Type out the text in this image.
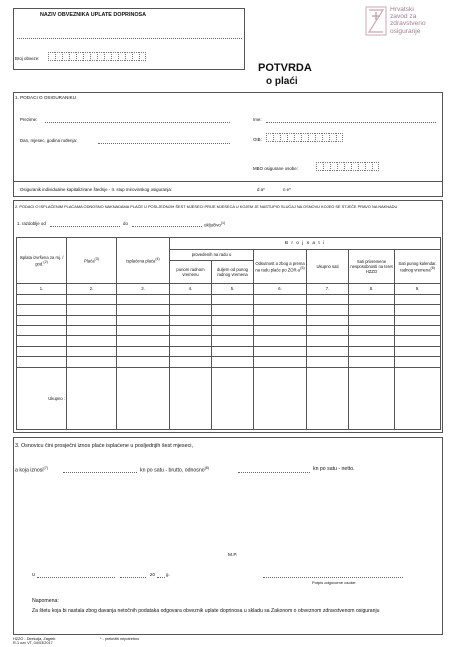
NAZIV OBVEZNIKA UPLATE DOPRINOSA
Broj obveze:
Hrvatski
zavod za
zdravstveno
osiguranje
POTVRDA
o plaći
1. PODACI O OSIGURANIKU
Prezime:	Ime:
Dan, mjesec, godina rođenja:	OIB:
MBO osigurane osobe:
Osiguranik individualne kapitalizirane štednje - II. stup mirovinskog osiguranja:	d a*	n e*
2. PODACI O ISPLAĆENIM PLAĆAMA ODNOSNO NAKNADAMA PLAĆE U POSLJEDNJIH ŠEST MJESECI PRIJE MJESECA U KOJEM JE NASTUPIO SLUČAJ NA OSNOVU KOJEG SE STJEČE PRAVO NA NAKNADU
1. razdoblje od	do	uključivo$^{(1)}$
Isplata izvršena za mj. / god.$^{(2)}$	Plaća$^{(3)}$	Isplaćena plaća$^{(4)}$	B r o j s a t i					
			provedenih na radu u		Odsutnost a zbog a prema na radu plaće po ZOR-$u^{(5)}$	Ukupno sati	Sati privremene nesposobnosti na teret HZZO	Sati punog kalendar. radnog vremena$^{(6)}$
			punom radnom vremenu	duljem od punog radnog vremena				
1.	2.	3.	4.	5.	6.	7.	8.	9.

Ukupno :								
3. Osnovicu čini prosječni iznos plaće isplaćene u posljednjih šest mjeseci,
a koja iznosi$^{(7)}$	kn po satu - brutto, odnosno$^{(8)}$	kn po satu - netto.
M.P.
U	20	g.
Potpis odgovorne osobe:
Napomena:
Za štetu koja bi nastala zbog davanja netočnih podataka odgovara obveznik uplate doprinosa u skladu sa Zakonom o obveznom zdravstvenom osiguranju
HZZO - Direkcija, Zagreb
R-1 ozv VT, 04/03/2017
* - prekrižiti nepotrebno
